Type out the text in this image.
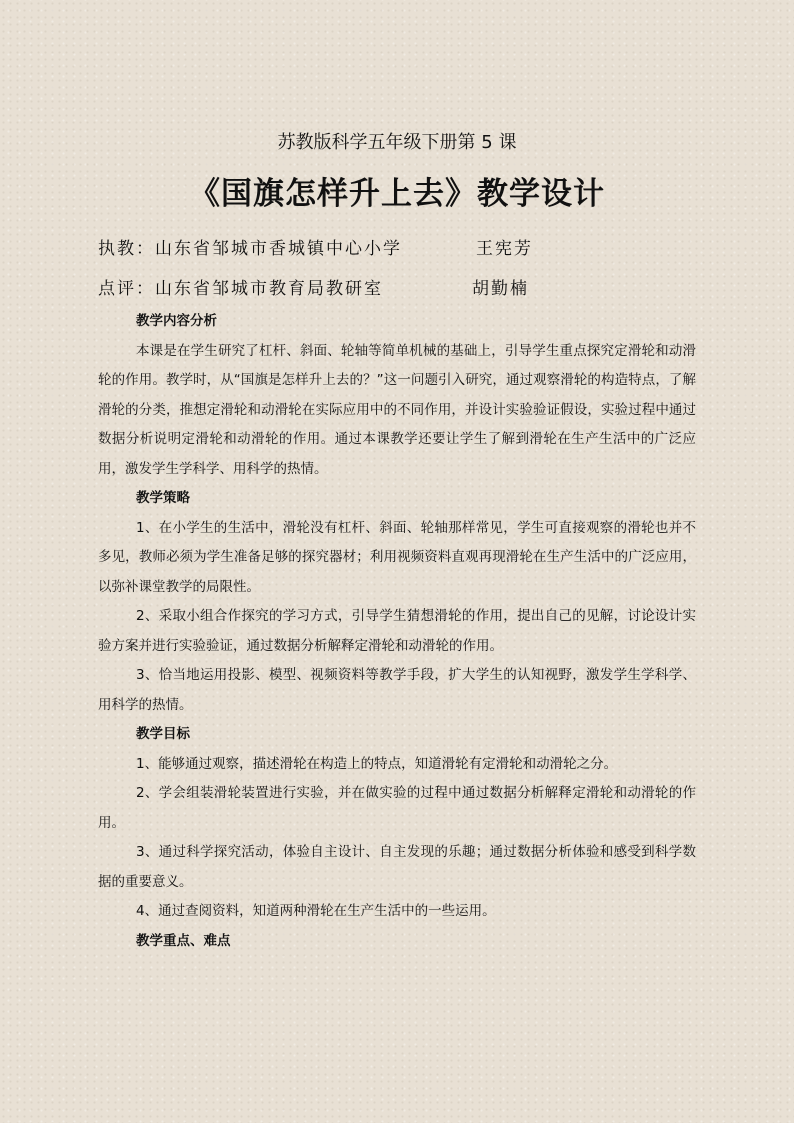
苏教版科学五年级下册第 5 课
《国旗怎样升上去》教学设计
执教：山东省邹城市香城镇中心小学	王宪芳
点评：山东省邹城市教育局教研室	胡勤楠
教学内容分析
本课是在学生研究了杠杆、斜面、轮轴等简单机械的基础上，引导学生重点探究定滑轮和动滑轮的作用。教学时，从“国旗是怎样升上去的？”这一问题引入研究，通过观察滑轮的构造特点，了解滑轮的分类，推想定滑轮和动滑轮在实际应用中的不同作用，并设计实验验证假设，实验过程中通过数据分析说明定滑轮和动滑轮的作用。通过本课教学还要让学生了解到滑轮在生产生活中的广泛应用，激发学生学科学、用科学的热情。
教学策略
1、在小学生的生活中，滑轮没有杠杆、斜面、轮轴那样常见，学生可直接观察的滑轮也并不多见，教师必须为学生准备足够的探究器材；利用视频资料直观再现滑轮在生产生活中的广泛应用，以弥补课堂教学的局限性。
2、采取小组合作探究的学习方式，引导学生猜想滑轮的作用，提出自己的见解，讨论设计实验方案并进行实验验证，通过数据分析解释定滑轮和动滑轮的作用。
3、恰当地运用投影、模型、视频资料等教学手段，扩大学生的认知视野，激发学生学科学、用科学的热情。
教学目标
1、能够通过观察，描述滑轮在构造上的特点，知道滑轮有定滑轮和动滑轮之分。
2、学会组装滑轮装置进行实验，并在做实验的过程中通过数据分析解释定滑轮和动滑轮的作用。
3、通过科学探究活动，体验自主设计、自主发现的乐趣；通过数据分析体验和感受到科学数据的重要意义。
4、通过查阅资料，知道两种滑轮在生产生活中的一些运用。
教学重点、难点
